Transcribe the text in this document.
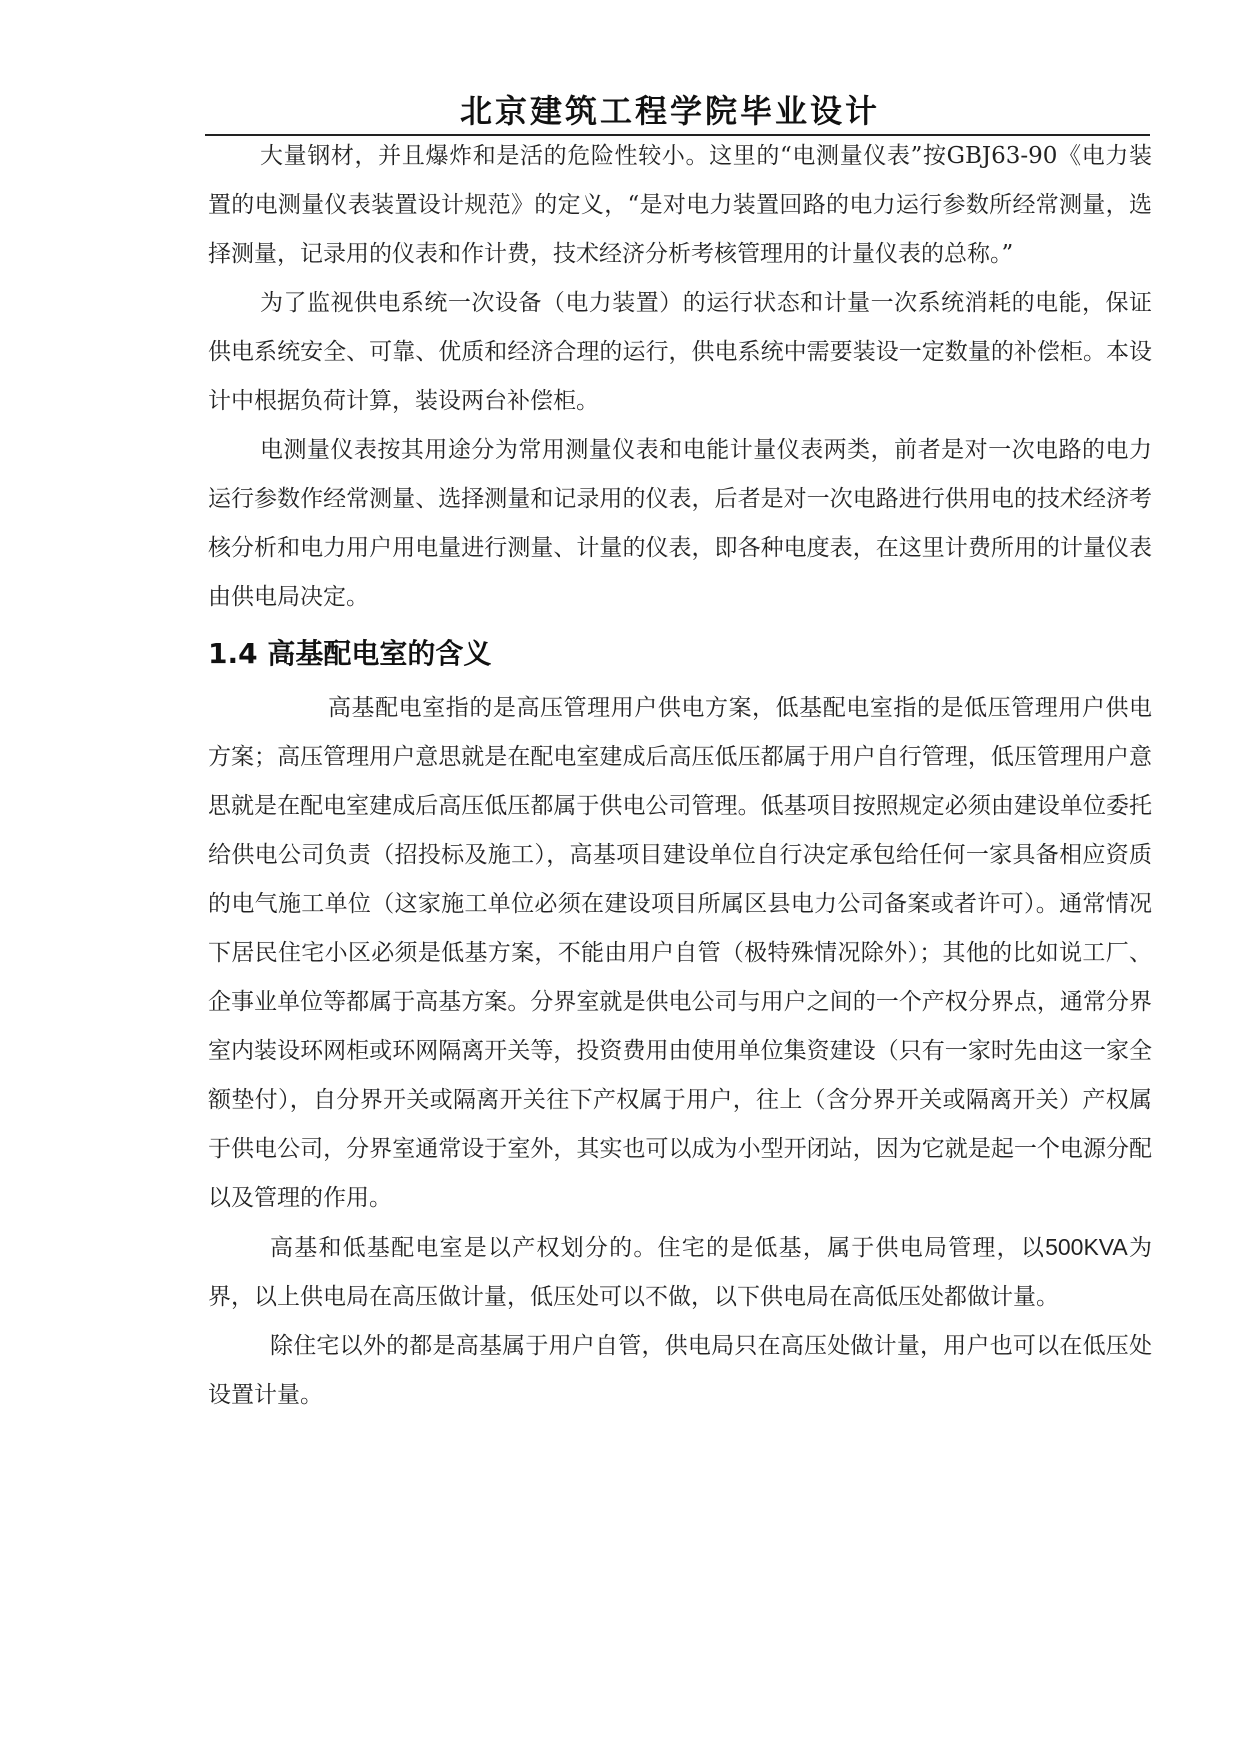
北京建筑工程学院毕业设计

大量钢材，并且爆炸和是活的危险性较小。这里的“电测量仪表”按GBJ63-90《电力装置的电测量仪表装置设计规范》的定义，“是对电力装置回路的电力运行参数所经常测量，选择测量，记录用的仪表和作计费，技术经济分析考核管理用的计量仪表的总称。”

为了监视供电系统一次设备（电力装置）的运行状态和计量一次系统消耗的电能，保证供电系统安全、可靠、优质和经济合理的运行，供电系统中需要装设一定数量的补偿柜。本设计中根据负荷计算，装设两台补偿柜。

电测量仪表按其用途分为常用测量仪表和电能计量仪表两类，前者是对一次电路的电力运行参数作经常测量、选择测量和记录用的仪表，后者是对一次电路进行供用电的技术经济考核分析和电力用户用电量进行测量、计量的仪表，即各种电度表，在这里计费所用的计量仪表由供电局决定。

1.4 高基配电室的含义

高基配电室指的是高压管理用户供电方案，低基配电室指的是低压管理用户供电方案；高压管理用户意思就是在配电室建成后高压低压都属于用户自行管理，低压管理用户意思就是在配电室建成后高压低压都属于供电公司管理。低基项目按照规定必须由建设单位委托给供电公司负责（招投标及施工），高基项目建设单位自行决定承包给任何一家具备相应资质的电气施工单位（这家施工单位必须在建设项目所属区县电力公司备案或者许可）。通常情况下居民住宅小区必须是低基方案，不能由用户自管（极特殊情况除外）；其他的比如说工厂、企事业单位等都属于高基方案。分界室就是供电公司与用户之间的一个产权分界点，通常分界室内装设环网柜或环网隔离开关等，投资费用由使用单位集资建设（只有一家时先由这一家全额垫付），自分界开关或隔离开关往下产权属于用户，往上（含分界开关或隔离开关）产权属于供电公司，分界室通常设于室外，其实也可以成为小型开闭站，因为它就是起一个电源分配以及管理的作用。

高基和低基配电室是以产权划分的。住宅的是低基，属于供电局管理，以500KVA为界，以上供电局在高压做计量，低压处可以不做，以下供电局在高低压处都做计量。

除住宅以外的都是高基属于用户自管，供电局只在高压处做计量，用户也可以在低压处设置计量。
